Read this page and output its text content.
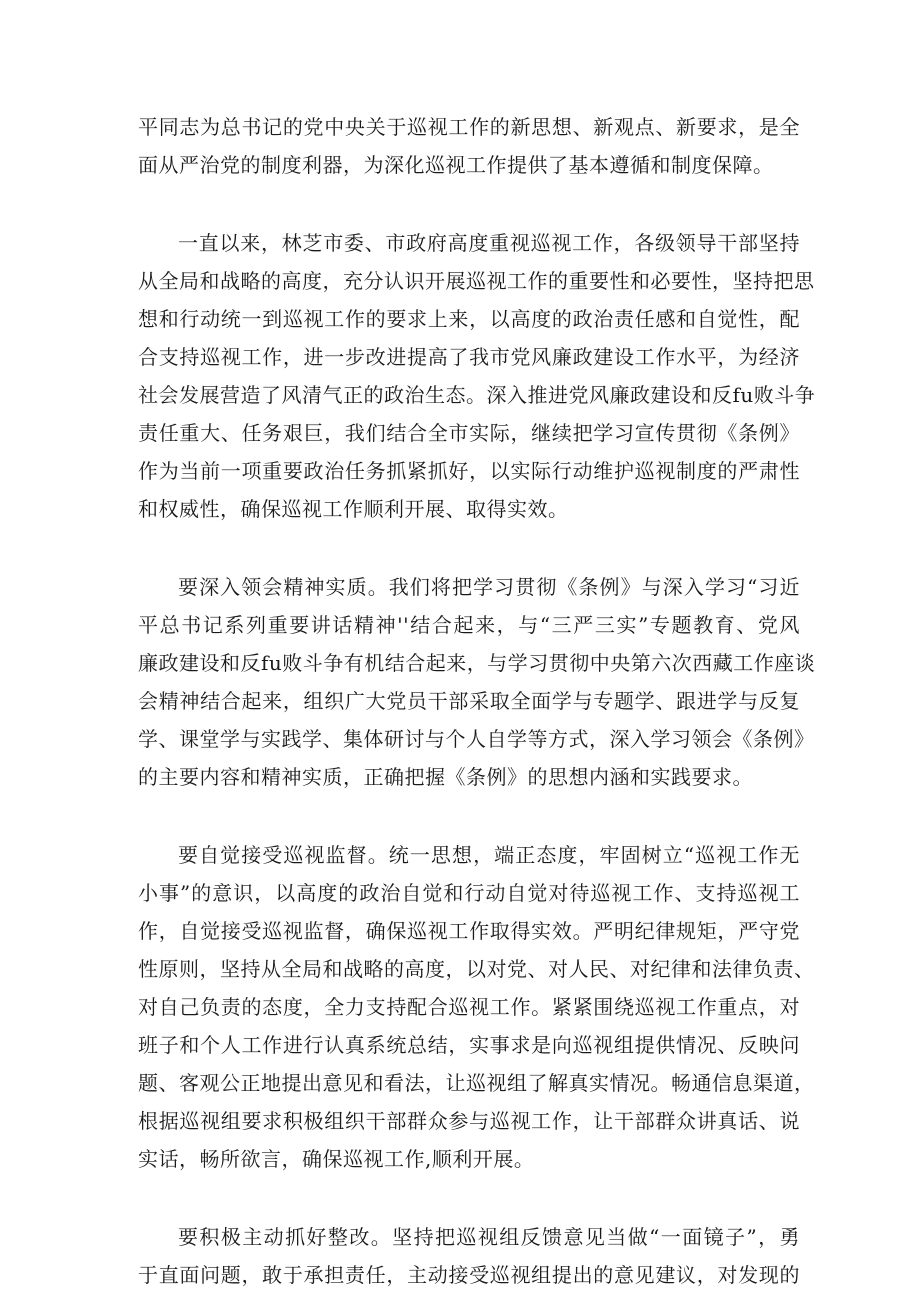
平同志为总书记的党中央关于巡视工作的新思想、新观点、新要求，是全
面从严治党的制度利器，为深化巡视工作提供了基本遵循和制度保障。
一直以来，林芝市委、市政府高度重视巡视工作，各级领导干部坚持
从全局和战略的高度，充分认识开展巡视工作的重要性和必要性，坚持把思
想和行动统一到巡视工作的要求上来，以高度的政治责任感和自觉性，配
合支持巡视工作，进一步改进提高了我市党风廉政建设工作水平，为经济
社会发展营造了风清气正的政治生态。深入推进党风廉政建设和反fu败斗争
责任重大、任务艰巨，我们结合全市实际，继续把学习宣传贯彻《条例》
作为当前一项重要政治任务抓紧抓好，以实际行动维护巡视制度的严肃性
和权威性，确保巡视工作顺利开展、取得实效。
要深入领会精神实质。我们将把学习贯彻《条例》与深入学习“习近
平总书记系列重要讲话精神''结合起来，与“三严三实”专题教育、党风
廉政建设和反fu败斗争有机结合起来，与学习贯彻中央第六次西藏工作座谈
会精神结合起来，组织广大党员干部采取全面学与专题学、跟进学与反复
学、课堂学与实践学、集体研讨与个人自学等方式，深入学习领会《条例》
的主要内容和精神实质，正确把握《条例》的思想内涵和实践要求。
要自觉接受巡视监督。统一思想，端正态度，牢固树立“巡视工作无
小事”的意识，以高度的政治自觉和行动自觉对待巡视工作、支持巡视工
作，自觉接受巡视监督，确保巡视工作取得实效。严明纪律规矩，严守党
性原则，坚持从全局和战略的高度，以对党、对人民、对纪律和法律负责、
对自己负责的态度，全力支持配合巡视工作。紧紧围绕巡视工作重点，对
班子和个人工作进行认真系统总结，实事求是向巡视组提供情况、反映问
题、客观公正地提出意见和看法，让巡视组了解真实情况。畅通信息渠道，
根据巡视组要求积极组织干部群众参与巡视工作，让干部群众讲真话、说
实话，畅所欲言，确保巡视工作,顺利开展。
要积极主动抓好整改。坚持把巡视组反馈意见当做“一面镜子”，勇
于直面问题，敢于承担责任，主动接受巡视组提出的意见建议，对发现的
